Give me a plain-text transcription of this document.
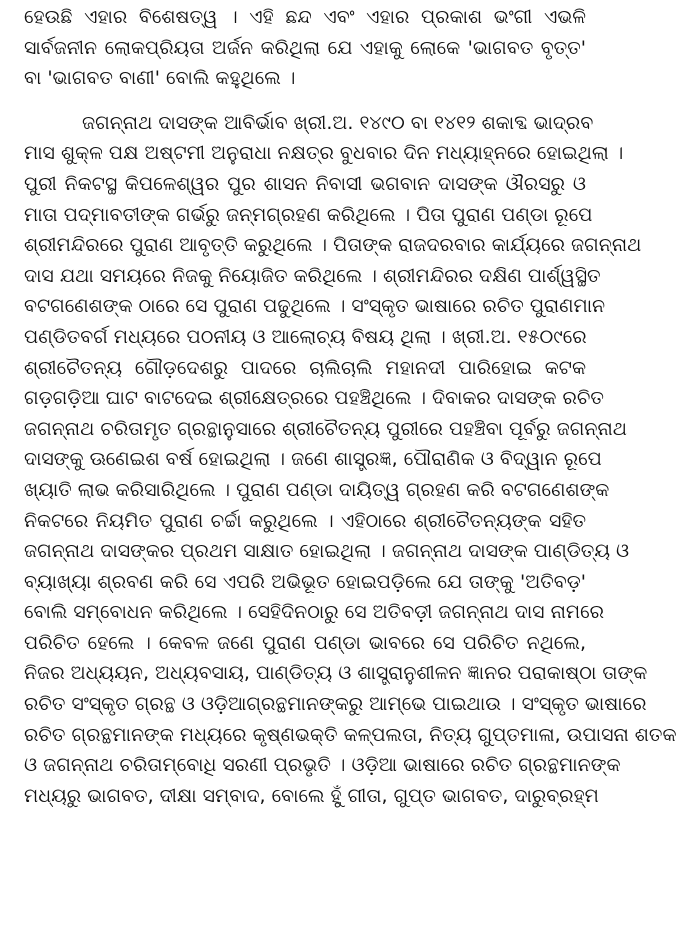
ହେଉଛି ଏହାର ବିଶେଷତ୍ୱ । ଏହି ଛନ୍ଦ ଏବଂ ଏହାର ପ୍ରକାଶ ଭଂଗୀ ଏଭଳି
ସାର୍ବଜନୀନ ଲୋକପ୍ରିୟତା ଅର୍ଜନ କରିଥିଲା ଯେ ଏହାକୁ ଲୋକେ 'ଭାଗବତ ବୃତ୍ତ'
ବା 'ଭାଗବତ ବାଣୀ' ବୋଲି କହୁଥିଲେ ।
ଜଗନ୍ନାଥ ଦାସଙ୍କ ଆବିର୍ଭାବ ଖ୍ରୀ.ଅ. ୧୪୯୦ ବା ୧୪୧୨ ଶକାବ୍ଦ ଭାଦ୍ରବ
ମାସ ଶୁକ୍ଳ ପକ୍ଷ ଅଷ୍ଟମୀ ଅନୁରାଧା ନକ୍ଷତ୍ର ବୁଧବାର ଦିନ ମଧ୍ୟାହ୍ନରେ ହୋଇଥିଲା ।
ପୁରୀ ନିକଟସ୍ଥ କିପଳେଶ୍ୱର ପୁର ଶାସନ ନିବାସୀ ଭଗବାନ ଦାସଙ୍କ ଔରସରୁ ଓ
ମାତା ପଦ୍ମାବତୀଙ୍କ ଗର୍ଭରୁ ଜନ୍ମଗ୍ରହଣ କରିଥିଲେ । ପିତା ପୁରାଣ ପଣ୍ଡା ରୂପେ
ଶ୍ରୀମନ୍ଦିରରେ ପୁରାଣ ଆବୃତ୍ତି କରୁଥିଲେ । ପିତାଙ୍କ ରାଜଦରବାର କାର୍ଯ୍ୟରେ ଜଗନ୍ନାଥ
ଦାସ ଯଥା ସମୟରେ ନିଜକୁ ନିୟୋଜିତ କରିଥିଲେ । ଶ୍ରୀମନ୍ଦିରର ଦକ୍ଷିଣ ପାର୍ଶ୍ୱସ୍ଥିତ
ବଟଗଣେଶଙ୍କ ଠାରେ ସେ ପୁରାଣ ପଢୁଥିଲେ । ସଂସ୍କୃତ ଭାଷାରେ ରଚିତ ପୁରାଣମାନ
ପଣ୍ଡିତବର୍ଗ ମଧ୍ୟରେ ପଠନୀୟ ଓ ଆଲୋଚ୍ୟ ବିଷୟ ଥିଲା । ଖ୍ରୀ.ଅ. ୧୫୦୯ରେ
ଶ୍ରୀଚୈତନ୍ୟ ଗୌଡ଼ଦେଶରୁ ପାଦରେ ଚାଲିଚାଲି ମହାନଦୀ ପାରିହୋଇ କଟକ
ଗଡ଼ଗଡ଼ିଆ ଘାଟ ବାଟଦେଇ ଶ୍ରୀକ୍ଷେତ୍ରରେ ପହଞ୍ଚିଥିଲେ । ଦିବାକର ଦାସଙ୍କ ରଚିତ
ଜଗନ୍ନାଥ ଚରିତାମୃତ ଗ୍ରନ୍ଥାନୁସାରେ ଶ୍ରୀଚୈତନ୍ୟ ପୁରୀରେ ପହଞ୍ଚିବା ପୂର୍ବରୁ ଜଗନ୍ନାଥ
ଦାସଙ୍କୁ ଊଣେଇଶ ବର୍ଷ ହୋଇଥିଲା । ଜଣେ ଶାସ୍ତ୍ରଜ୍ଞ, ପୌରାଣିକ ଓ ବିଦ୍ୱାନ ରୂପେ
ଖ୍ୟାତି ଲାଭ କରିସାରିଥିଲେ । ପୁରାଣ ପଣ୍ଡା ଦାୟିତ୍ୱ ଗ୍ରହଣ କରି ବଟଗଣେଶଙ୍କ
ନିକଟରେ ନିୟମିତ ପୁରାଣ ଚର୍ଚ୍ଚା କରୁଥିଲେ । ଏହିଠାରେ ଶ୍ରୀଚୈତନ୍ୟଙ୍କ ସହିତ
ଜଗନ୍ନାଥ ଦାସଙ୍କର ପ୍ରଥମ ସାକ୍ଷାତ ହୋଇଥିଲା । ଜଗନ୍ନାଥ ଦାସଙ୍କ ପାଣ୍ଡିତ୍ୟ ଓ
ବ୍ୟାଖ୍ୟା ଶ୍ରବଣ କରି ସେ ଏପରି ଅଭିଭୂତ ହୋଇପଡ଼ିଲେ ଯେ ତାଙ୍କୁ 'ଅତିବଡ଼'
ବୋଲି ସମ୍ବୋଧନ କରିଥିଲେ । ସେହିଦିନଠାରୁ ସେ ଅତିବଡ଼ୀ ଜଗନ୍ନାଥ ଦାସ ନାମରେ
ପରିଚିତ ହେଲେ । କେବଳ ଜଣେ ପୁରାଣ ପଣ୍ଡା ଭାବରେ ସେ ପରିଚିତ ନଥିଲେ,
ନିଜର ଅଧ୍ୟୟନ, ଅଧ୍ୟବସାୟ, ପାଣ୍ଡିତ୍ୟ ଓ ଶାସ୍ତ୍ରାନୁଶୀଳନ ଜ୍ଞାନର ପରାକାଷ୍ଠା ତାଙ୍କ
ରଚିତ ସଂସ୍କୃତ ଗ୍ରନ୍ଥ ଓ ଓଡ଼ିଆଗ୍ରନ୍ଥମାନଙ୍କରୁ ଆମ୍ଭେ ପାଇଥାଉ । ସଂସ୍କୃତ ଭାଷାରେ
ରଚିତ ଗ୍ରନ୍ଥମାନଙ୍କ ମଧ୍ୟରେ କୃଷ୍ଣଭକ୍ତି କଳ୍ପଲତା, ନିତ୍ୟ ଗୁପ୍ତମାଳା, ଉପାସନା ଶତକ
ଓ ଜଗନ୍ନାଥ ଚରିତାମ୍ବୋଧି ସରଣୀ ପ୍ରଭୃତି । ଓଡ଼ିଆ ଭାଷାରେ ରଚିତ ଗ୍ରନ୍ଥମାନଙ୍କ
ମଧ୍ୟରୁ ଭାଗବତ, ଦୀକ୍ଷା ସମ୍ବାଦ, ବୋଲେ ହୁଁ ଗୀତା, ଗୁପ୍ତ ଭାଗବତ, ଦାରୁବ୍ରହ୍ମ
